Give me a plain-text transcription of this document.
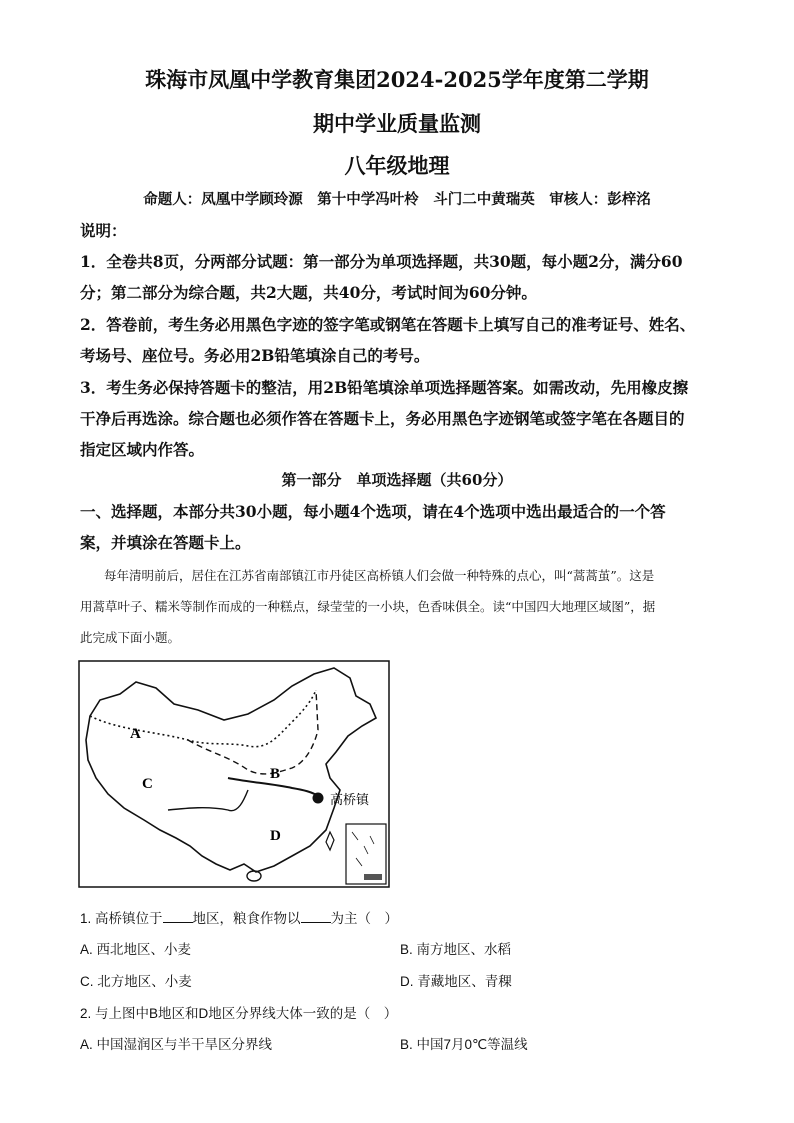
珠海市凤凰中学教育集团2024-2025学年度第二学期
期中学业质量监测
八年级地理
命题人：凤凰中学顾玲源　第十中学冯叶柃　斗门二中黄瑞英　审核人：彭梓洺
说明：
1．全卷共8页，分两部分试题：第一部分为单项选择题，共30题，每小题2分，满分60
分；第二部分为综合题，共2大题，共40分，考试时间为60分钟。
2．答卷前，考生务必用黑色字迹的签字笔或钢笔在答题卡上填写自己的准考证号、姓名、
考场号、座位号。务必用2B铅笔填涂自己的考号。
3．考生务必保持答题卡的整洁，用2B铅笔填涂单项选择题答案。如需改动，先用橡皮擦
干净后再选涂。综合题也必须作答在答题卡上，务必用黑色字迹钢笔或签字笔在各题目的
指定区域内作答。
第一部分　单项选择题（共60分）
一、选择题，本部分共30小题，每小题4个选项，请在4个选项中选出最适合的一个答
案，并填涂在答题卡上。
每年清明前后，居住在江苏省南部镇江市丹徒区高桥镇人们会做一种特殊的点心，叫“蒿蒿茧”。这是
用蒿草叶子、糯米等制作而成的一种糕点，绿莹莹的一小块，色香味俱全。读“中国四大地理区域图”，据
此完成下面小题。
A
B
C
D
高桥镇
1. 高桥镇位于 地区，粮食作物以 为主（　）
A. 西北地区、小麦	B. 南方地区、水稻
C. 北方地区、小麦	D. 青藏地区、青稞
2. 与上图中B地区和D地区分界线大体一致的是（　）
A. 中国湿润区与半干旱区分界线	B. 中国7月0℃等温线
